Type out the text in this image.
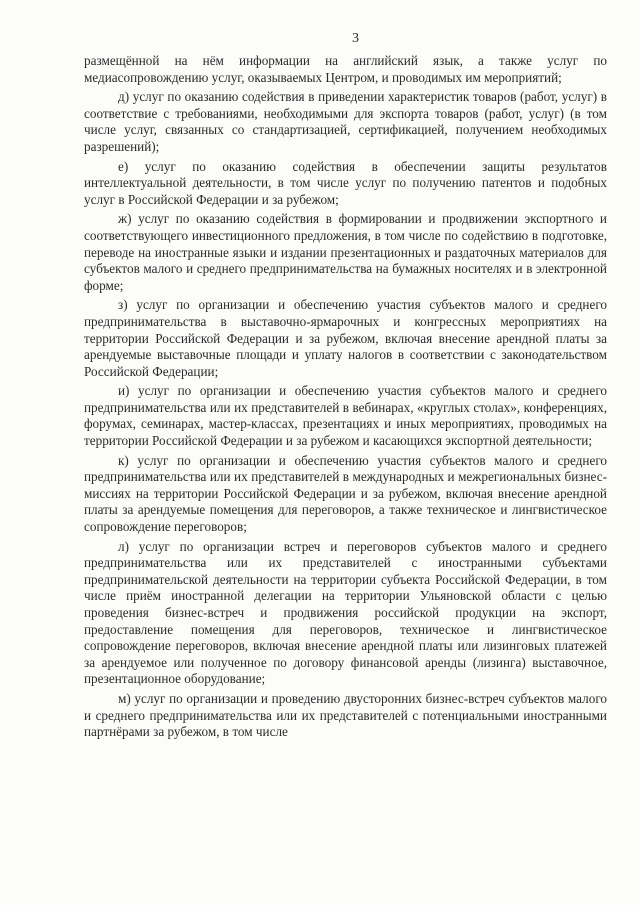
3

размещённой на нём информации на английский язык, а также услуг по медиасопровождению услуг, оказываемых Центром, и проводимых им мероприятий;

д) услуг по оказанию содействия в приведении характеристик товаров (работ, услуг) в соответствие с требованиями, необходимыми для экспорта товаров (работ, услуг) (в том числе услуг, связанных со стандартизацией, сертификацией, получением необходимых разрешений);

е) услуг по оказанию содействия в обеспечении защиты результатов интеллектуальной деятельности, в том числе услуг по получению патентов и подобных услуг в Российской Федерации и за рубежом;

ж) услуг по оказанию содействия в формировании и продвижении экспортного и соответствующего инвестиционного предложения, в том числе по содействию в подготовке, переводе на иностранные языки и издании презентационных и раздаточных материалов для субъектов малого и среднего предпринимательства на бумажных носителях и в электронной форме;

з) услуг по организации и обеспечению участия субъектов малого и среднего предпринимательства в выставочно-ярмарочных и конгрессных мероприятиях на территории Российской Федерации и за рубежом, включая внесение арендной платы за арендуемые выставочные площади и уплату налогов в соответствии с законодательством Российской Федерации;

и) услуг по организации и обеспечению участия субъектов малого и среднего предпринимательства или их представителей в вебинарах, «круглых столах», конференциях, форумах, семинарах, мастер-классах, презентациях и иных мероприятиях, проводимых на территории Российской Федерации и за рубежом и касающихся экспортной деятельности;

к) услуг по организации и обеспечению участия субъектов малого и среднего предпринимательства или их представителей в международных и межрегиональных бизнес-миссиях на территории Российской Федерации и за рубежом, включая внесение арендной платы за арендуемые помещения для переговоров, а также техническое и лингвистическое сопровождение переговоров;

л) услуг по организации встреч и переговоров субъектов малого и среднего предпринимательства или их представителей с иностранными субъектами предпринимательской деятельности на территории субъекта Российской Федерации, в том числе приём иностранной делегации на территории Ульяновской области с целью проведения бизнес-встреч и продвижения российской продукции на экспорт, предоставление помещения для переговоров, техническое и лингвистическое сопровождение переговоров, включая внесение арендной платы или лизинговых платежей за арендуемое или полученное по договору финансовой аренды (лизинга) выставочное, презентационное оборудование;

м) услуг по организации и проведению двусторонних бизнес-встреч субъектов малого и среднего предпринимательства или их представителей с потенциальными иностранными партнёрами за рубежом, в том числе
